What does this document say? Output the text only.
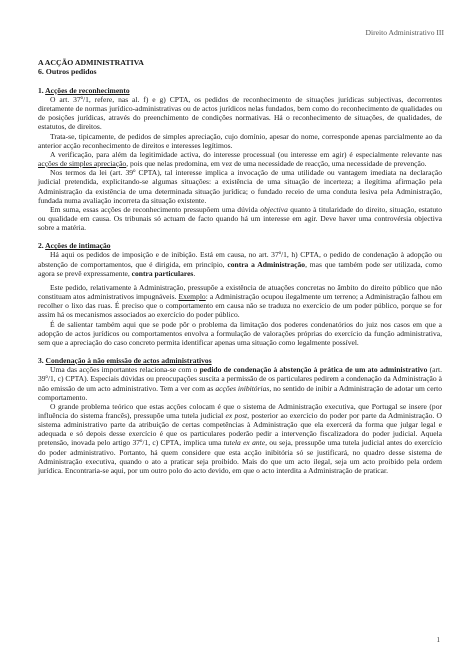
Direito Administrativo III

A ACÇÃO ADMINISTRATIVA

6. Outros pedidos

1. Acções de reconhecimento

O art. 37º/1, refere, nas al. f) e g) CPTA, os pedidos de reconhecimento de situações jurídicas subjectivas, decorrentes diretamente de normas jurídico-administrativas ou de actos jurídicos nelas fundados, bem como do reconhecimento de qualidades ou de posições jurídicas, através do preenchimento de condições normativas. Há o reconhecimento de situações, de qualidades, de estatutos, de direitos.

Trata-se, tipicamente, de pedidos de simples apreciação, cujo domínio, apesar do nome, corresponde apenas parcialmente ao da anterior acção reconhecimento de direitos e interesses legítimos.

A verificação, para além da legitimidade activa, do interesse processual (ou interesse em agir) é especialmente relevante nas acções de simples apreciação, pois que nelas predomina, em vez de uma necessidade de reacção, uma necessidade de prevenção.

Nos termos da lei (art. 39º CPTA), tal interesse implica a invocação de uma utilidade ou vantagem imediata na declaração judicial pretendida, explicitando-se algumas situações: a existência de uma situação de incerteza; a ilegítima afirmação pela Administração da existência de uma determinada situação jurídica; o fundado receio de uma conduta lesiva pela Administração, fundada numa avaliação incorreta da situação existente.

Em suma, essas acções de reconhecimento pressupõem uma dúvida objectiva quanto à titularidade do direito, situação, estatuto ou qualidade em causa. Os tribunais só actuam de facto quando há um interesse em agir. Deve haver uma controvérsia objectiva sobre a matéria.

2. Acções de intimação

Há aqui os pedidos de imposição e de inibição. Está em causa, no art. 37º/1, h) CPTA, o pedido de condenação à adopção ou abstenção de comportamentos, que é dirigida, em princípio, contra a Administração, mas que também pode ser utilizada, como agora se prevê expressamente, contra particulares.

Este pedido, relativamente à Administração, pressupõe a existência de atuações concretas no âmbito do direito público que não constituam atos administrativos impugnáveis. Exemplo: a Administração ocupou ilegalmente um terreno; a Administração falhou em recolher o lixo das ruas. É preciso que o comportamento em causa não se traduza no exercício de um poder público, porque se for assim há os mecanismos associados ao exercício do poder público.

É de salientar também aqui que se pode pôr o problema da limitação dos poderes condenatórios do juiz nos casos em que a adopção de actos jurídicos ou comportamentos envolva a formulação de valorações próprias do exercício da função administrativa, sem que a apreciação do caso concreto permita identificar apenas uma situação como legalmente possível.

3. Condenação à não emissão de actos administrativos

Uma das acções importantes relaciona-se com o pedido de condenação à abstenção à prática de um ato administrativo (art. 39º/1, c) CPTA). Especiais dúvidas ou preocupações suscita a permissão de os particulares pedirem a condenação da Administração à não emissão de um acto administrativo. Tem a ver com as acções inibitórias, no sentido de inibir a Administração de adotar um certo comportamento.

O grande problema teórico que estas acções colocam é que o sistema de Administração executiva, que Portugal se insere (por influência do sistema francês), pressupõe uma tutela judicial ex post, posterior ao exercício do poder por parte da Administração. O sistema administrativo parte da atribuição de certas competências à Administração que ela exercerá da forma que julgar legal e adequada e só depois desse exercício é que os particulares poderão pedir a intervenção fiscalizadora do poder judicial. Aquela pretensão, inovada pelo artigo 37º/1, c) CPTA, implica uma tutela ex ante, ou seja, pressupõe uma tutela judicial antes do exercício do poder administrativo. Portanto, há quem considere que esta acção inibitória só se justificará, no quadro desse sistema de Administração executiva, quando o ato a praticar seja proibido. Mais do que um acto ilegal, seja um acto proibido pela ordem jurídica. Encontraria-se aqui, por um outro polo do acto devido, em que o acto interdita a Administração de praticar.

1
